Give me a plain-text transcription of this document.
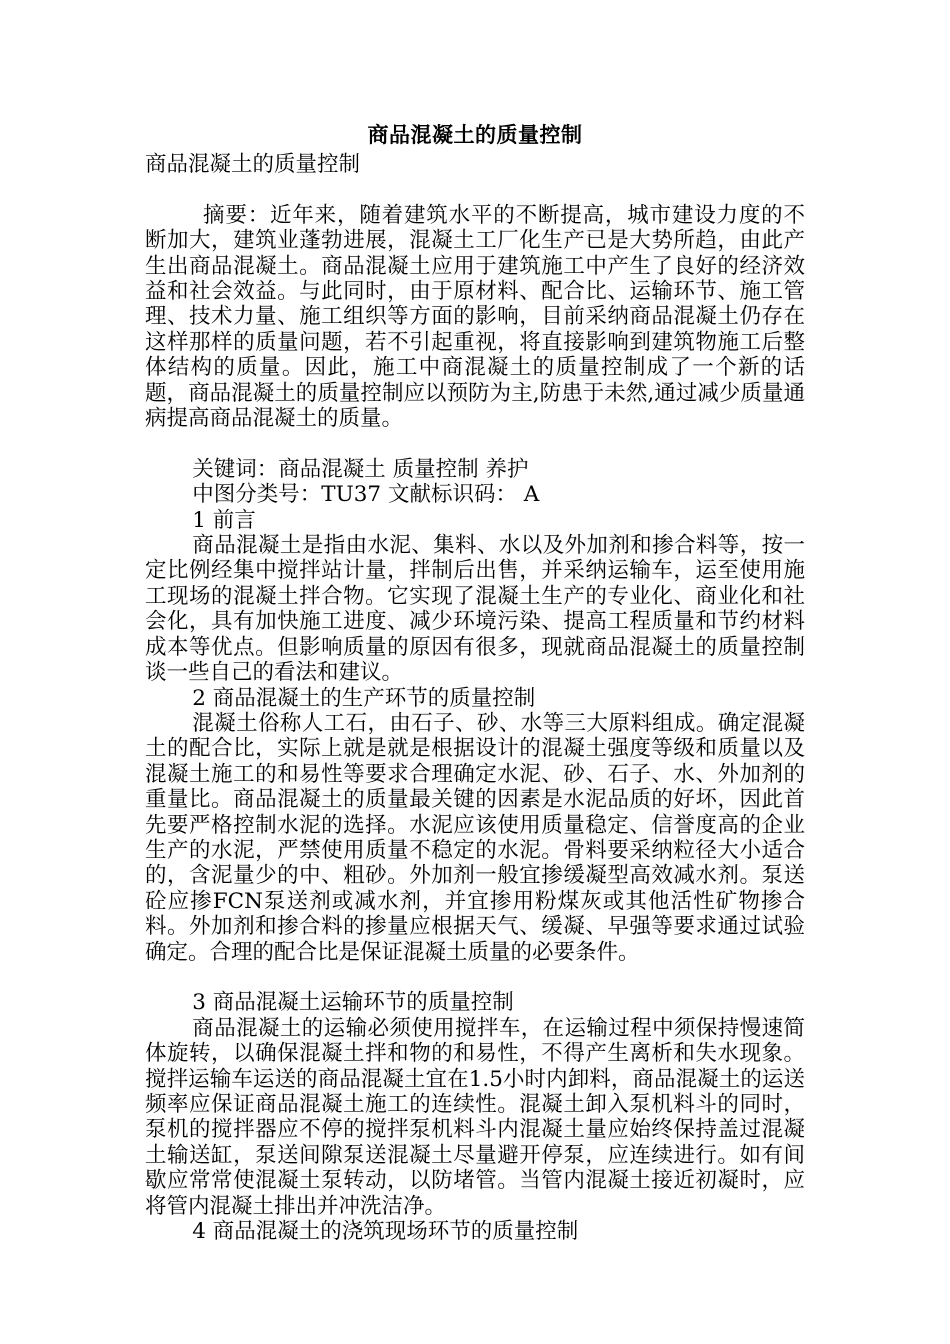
商品混凝土的质量控制
商品混凝土的质量控制
摘要：近年来，随着建筑水平的不断提高，城市建设力度的不断加大，建筑业蓬勃进展，混凝土工厂化生产已是大势所趋，由此产生出商品混凝土。商品混凝土应用于建筑施工中产生了良好的经济效益和社会效益。与此同时，由于原材料、配合比、运输环节、施工管理、技术力量、施工组织等方面的影响，目前采纳商品混凝土仍存在这样那样的质量问题，若不引起重视，将直接影响到建筑物施工后整体结构的质量。因此，施工中商混凝土的质量控制成了一个新的话题，商品混凝土的质量控制应以预防为主,防患于未然,通过减少质量通病提高商品混凝土的质量。
关键词：商品混凝土 质量控制 养护
中图分类号：TU37 文献标识码： A
1 前言
商品混凝土是指由水泥、集料、水以及外加剂和掺合料等，按一定比例经集中搅拌站计量，拌制后出售，并采纳运输车，运至使用施工现场的混凝土拌合物。它实现了混凝土生产的专业化、商业化和社会化，具有加快施工进度、减少环境污染、提高工程质量和节约材料成本等优点。但影响质量的原因有很多，现就商品混凝土的质量控制谈一些自己的看法和建议。
2 商品混凝土的生产环节的质量控制
混凝土俗称人工石，由石子、砂、水等三大原料组成。确定混凝土的配合比，实际上就是就是根据设计的混凝土强度等级和质量以及混凝土施工的和易性等要求合理确定水泥、砂、石子、水、外加剂的重量比。商品混凝土的质量最关键的因素是水泥品质的好坏，因此首先要严格控制水泥的选择。水泥应该使用质量稳定、信誉度高的企业生产的水泥，严禁使用质量不稳定的水泥。骨料要采纳粒径大小适合的，含泥量少的中、粗砂。外加剂一般宜掺缓凝型高效减水剂。泵送砼应掺FCN泵送剂或减水剂，并宜掺用粉煤灰或其他活性矿物掺合料。外加剂和掺合料的掺量应根据天气、缓凝、早强等要求通过试验确定。合理的配合比是保证混凝土质量的必要条件。
3 商品混凝土运输环节的质量控制
商品混凝土的运输必须使用搅拌车，在运输过程中须保持慢速简体旋转，以确保混凝土拌和物的和易性，不得产生离析和失水现象。搅拌运输车运送的商品混凝土宜在1.5小时内卸料，商品混凝土的运送频率应保证商品混凝土施工的连续性。混凝土卸入泵机料斗的同时，泵机的搅拌器应不停的搅拌泵机料斗内混凝土量应始终保持盖过混凝土输送缸，泵送间隙泵送混凝土尽量避开停泵，应连续进行。如有间歇应常常使混凝土泵转动，以防堵管。当管内混凝土接近初凝时，应将管内混凝土排出并冲洗洁净。
4 商品混凝土的浇筑现场环节的质量控制
